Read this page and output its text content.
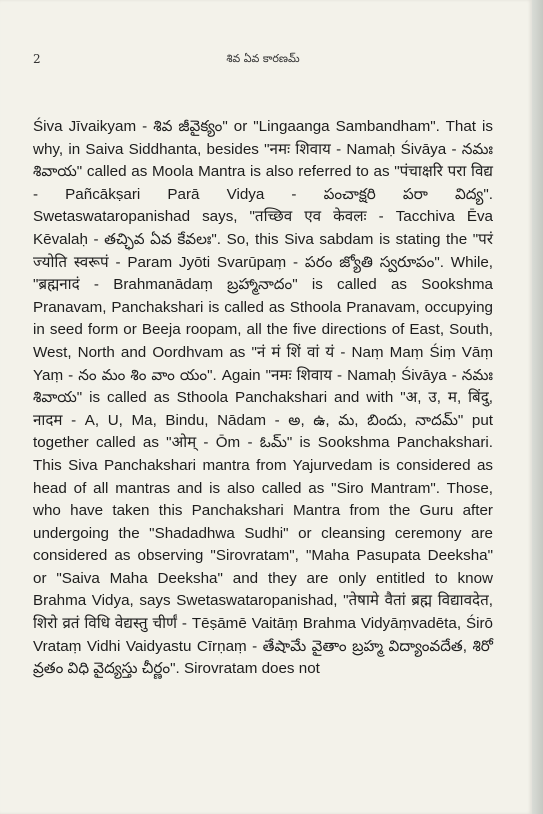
2	శివ ఏవ కారణమ్

Śiva Jīvaikyam - శివ జీవైక్యం" or "Lingaanga Sambandham". That is why, in Saiva Siddhanta, besides "नमः शिवाय - Namaḥ Śivāya - నమః శివాయ" called as Moola Mantra is also referred to as "पंचाक्षरि परा विद्य - Pañcākṣari Parā Vidya - పంచాక్షరి పరా విద్య". Swetaswataropanishad says, "तच्छिव एव केवलः - Tacchiva Ēva Kēvalaḥ - తచ్ఛివ ఏవ కేవలః". So, this Siva sabdam is stating the "परं ज्योति स्वरूपं - Param Jyōti Svarūpaṃ - పరం జ్యోతి స్వరూపం". While, "ब्रह्मनादं - Brahmanādaṃ బ్రహ్మానాదం" is called as Sookshma Pranavam, Panchakshari is called as Sthoola Pranavam, occupying in seed form or Beeja roopam, all the five directions of East, South, West, North and Oordhvam as "नं मं शिं वां यं - Naṃ Maṃ Śiṃ Vāṃ Yaṃ - నం మం శిం వాం యం". Again "नमः शिवाय - Namaḥ Śivāya - నమః శివాయ" is called as Sthoola Panchakshari and with "अ, उ, म, बिंदु, नादम - A, U, Ma, Bindu, Nādam - అ, ఉ, మ, బిందు, నాదమ్" put together called as "ओम् - Ōm - ఓమ్" is Sookshma Panchakshari. This Siva Panchakshari mantra from Yajurvedam is considered as head of all mantras and is also called as "Siro Mantram". Those, who have taken this Panchakshari Mantra from the Guru after undergoing the "Shadadhwa Sudhi" or cleansing ceremony are considered as observing "Sirovratam", "Maha Pasupata Deeksha" or "Saiva Maha Deeksha" and they are only entitled to know Brahma Vidya, says Swetaswataropanishad, "तेषामे वैतां ब्रह्म विद्यावदेत, शिरो व्रतं विधि वेद्यस्तु चीर्णं - Tēṣāmē Vaitāṃ Brahma Vidyāṃvadēta, Śirō Vrataṃ Vidhi Vaidyastu Cīrṇaṃ - తేషామే వైతాం బ్రహ్మ విద్యాంవదేత, శిరో వ్రతం విధి వైద్యస్తు చీర్ణం". Sirovratam does not
